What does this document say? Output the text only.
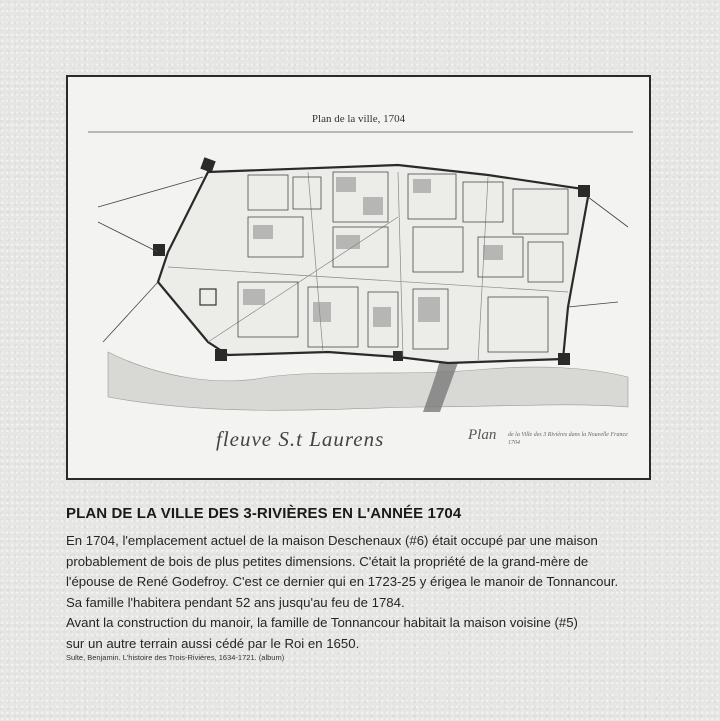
Plan de la ville, 1704
fleuve S.t Laurens	Plan de la Ville des 3 Rivières dans la Nouvelle France 1704
PLAN DE LA VILLE DES 3-RIVIÈRES EN L'ANNÉE 1704

En 1704, l'emplacement actuel de la maison Deschenaux (#6) était occupé par une maison

probablement de bois de plus petites dimensions. C'était la propriété de la grand-mère de

l'épouse de René Godefroy. C'est ce dernier qui en 1723-25 y érigea le manoir de Tonnancour.

Sa famille l'habitera pendant 52 ans jusqu'au feu de 1784.

Avant la construction du manoir, la famille de Tonnancour habitait la maison voisine (#5)

sur un autre terrain aussi cédé par le Roi en 1650.

Sulte, Benjamin. L'histoire des Trois-Rivières, 1634-1721. (album)
